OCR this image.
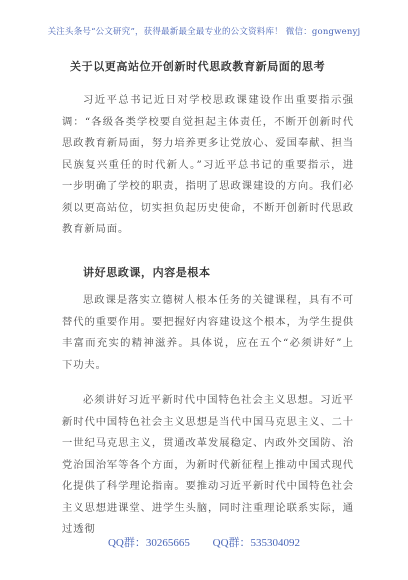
关注头条号“公文研究”，获得最新最全最专业的公文资料库！ 微信：gongwenyj
关于以更高站位开创新时代思政教育新局面的思考

习近平总书记近日对学校思政课建设作出重要指示强调：“各级各类学校要自觉担起主体责任，不断开创新时代思政教育新局面，努力培养更多让党放心、爱国奉献、担当民族复兴重任的时代新人。”习近平总书记的重要指示，进一步明确了学校的职责，指明了思政课建设的方向。我们必须以更高站位，切实担负起历史使命，不断开创新时代思政教育新局面。

讲好思政课，内容是根本

思政课是落实立德树人根本任务的关键课程，具有不可替代的重要作用。要把握好内容建设这个根本，为学生提供丰富而充实的精神滋养。具体说，应在五个“必须讲好”上下功夫。

必须讲好习近平新时代中国特色社会主义思想。习近平新时代中国特色社会主义思想是当代中国马克思主义、二十一世纪马克思主义，贯通改革发展稳定、内政外交国防、治党治国治军等各个方面，为新时代新征程上推动中国式现代化提供了科学理论指南。要推动习近平新时代中国特色社会主义思想进课堂、进学生头脑，同时注重理论联系实际，通过透彻

QQ群：30265665 QQ群：535304092
